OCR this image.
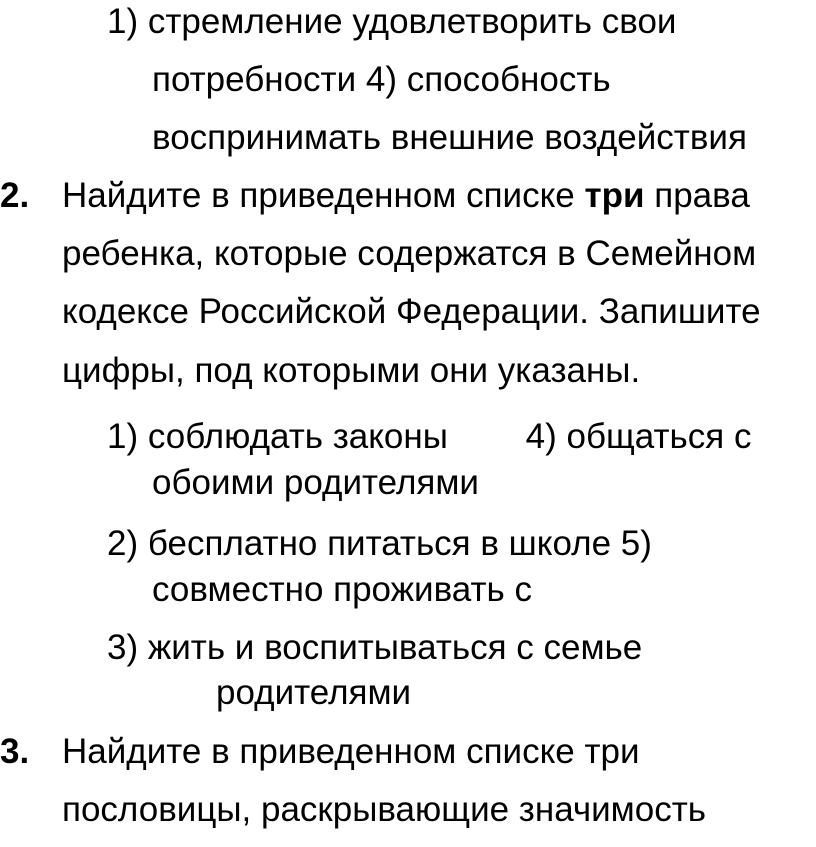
1) стремление удовлетворить свои
потребности 4) способность
воспринимать внешние воздействия
2. Найдите в приведенном списке три права
ребенка, которые содержатся в Семейном
кодексе Российской Федерации. Запишите
цифры, под которыми они указаны.
1) соблюдать законы        4) общаться с
обоими родителями
2) бесплатно питаться в школе 5)
совместно проживать с
3) жить и воспитываться с семье
родителями
3. Найдите в приведенном списке три
пословицы, раскрывающие значимость
